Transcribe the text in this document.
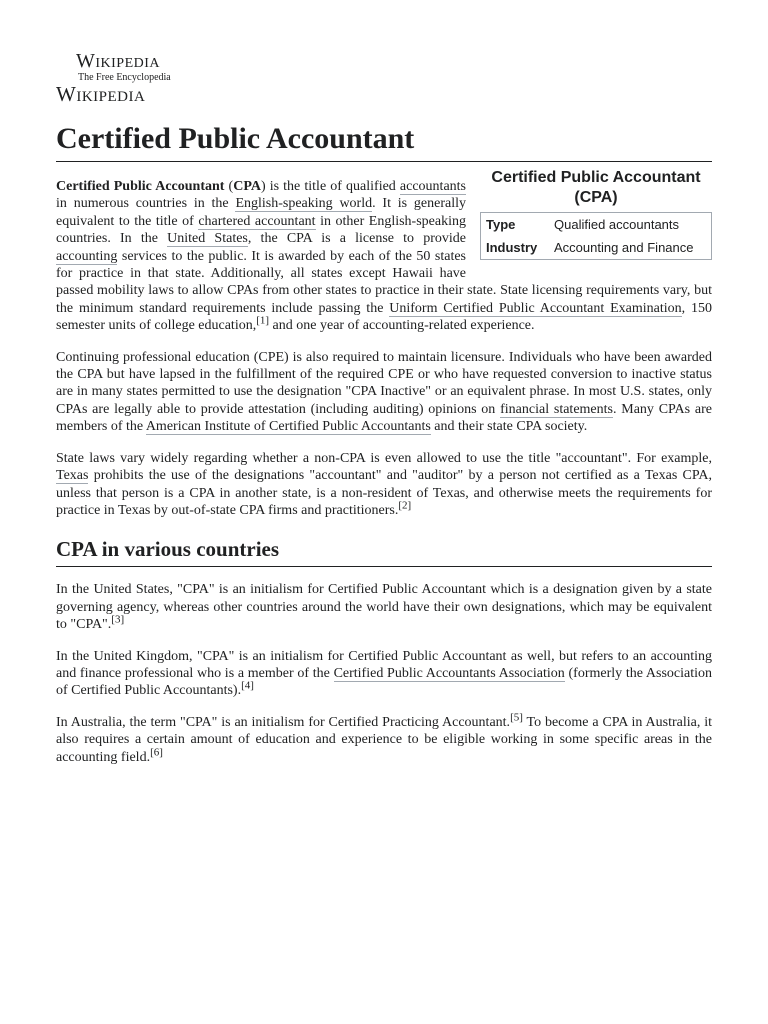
Wikipedia
The Free Encyclopedia
Wikipedia
Certified Public Accountant
Certified Public Accountant (CPA)
Type	Qualified accountants
Industry	Accounting and Finance

Certified Public Accountant (CPA) is the title of qualified accountants in numerous countries in the English-speaking world. It is generally equivalent to the title of chartered accountant in other English-speaking countries. In the United States, the CPA is a license to provide accounting services to the public. It is awarded by each of the 50 states for practice in that state. Additionally, all states except Hawaii have passed mobility laws to allow CPAs from other states to practice in their state. State licensing requirements vary, but the minimum standard requirements include passing the Uniform Certified Public Accountant Examination, 150 semester units of college education,[1] and one year of accounting-related experience.

Continuing professional education (CPE) is also required to maintain licensure. Individuals who have been awarded the CPA but have lapsed in the fulfillment of the required CPE or who have requested conversion to inactive status are in many states permitted to use the designation "CPA Inactive" or an equivalent phrase. In most U.S. states, only CPAs are legally able to provide attestation (including auditing) opinions on financial statements. Many CPAs are members of the American Institute of Certified Public Accountants and their state CPA society.

State laws vary widely regarding whether a non-CPA is even allowed to use the title "accountant". For example, Texas prohibits the use of the designations "accountant" and "auditor" by a person not certified as a Texas CPA, unless that person is a CPA in another state, is a non-resident of Texas, and otherwise meets the requirements for practice in Texas by out-of-state CPA firms and practitioners.[2]

CPA in various countries

In the United States, "CPA" is an initialism for Certified Public Accountant which is a designation given by a state governing agency, whereas other countries around the world have their own designations, which may be equivalent to "CPA".[3]

In the United Kingdom, "CPA" is an initialism for Certified Public Accountant as well, but refers to an accounting and finance professional who is a member of the Certified Public Accountants Association (formerly the Association of Certified Public Accountants).[4]

In Australia, the term "CPA" is an initialism for Certified Practicing Accountant.[5] To become a CPA in Australia, it also requires a certain amount of education and experience to be eligible working in some specific areas in the accounting field.[6]
